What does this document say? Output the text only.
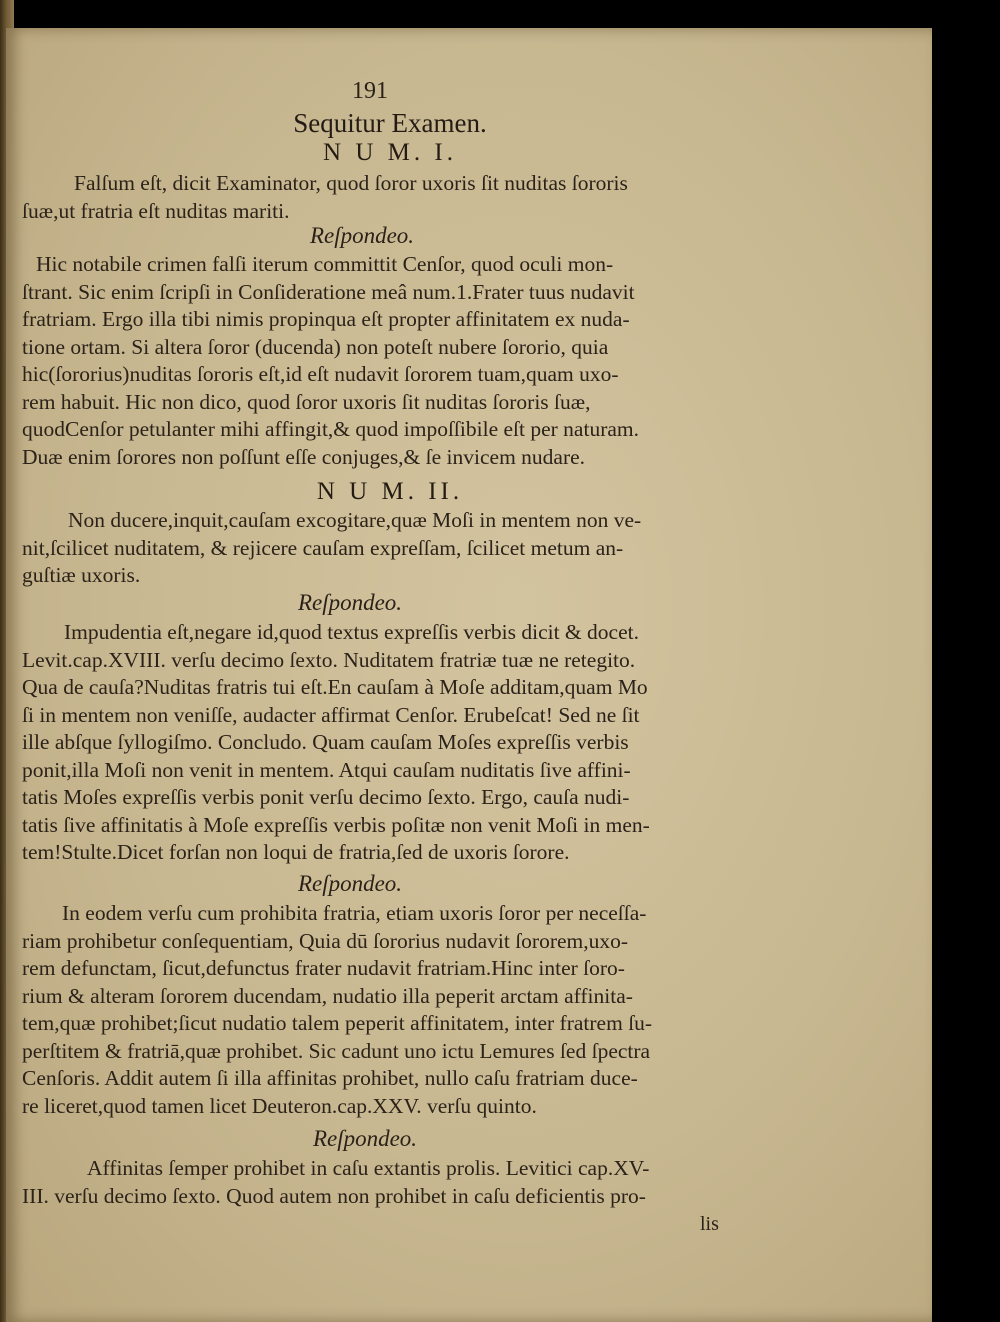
191
Sequitur Examen.
N U M. I.
Falſum eſt, dicit Examinator, quod ſoror uxoris ſit nuditas ſororis
ſuæ,ut fratria eſt nuditas mariti.
Reſpondeo.
Hic notabile crimen falſi iterum committit Cenſor, quod oculi mon-
ſtrant. Sic enim ſcripſi in Conſideratione meâ num.1.Frater tuus nudavit
fratriam. Ergo illa tibi nimis propinqua eſt propter affinitatem ex nuda-
tione ortam. Si altera ſoror (ducenda) non poteſt nubere ſororio, quia
hic(ſororius)nuditas ſororis eſt,id eſt nudavit ſororem tuam,quam uxo-
rem habuit. Hic non dico, quod ſoror uxoris ſit nuditas ſororis ſuæ,
quodCenſor petulanter mihi affingit,& quod impoſſibile eſt per naturam.
Duæ enim ſorores non poſſunt eſſe conjuges,& ſe invicem nudare.
N U M. II.
Non ducere,inquit,cauſam excogitare,quæ Moſi in mentem non ve-
nit,ſcilicet nuditatem, & rejicere cauſam expreſſam, ſcilicet metum an-
guſtiæ uxoris.
Reſpondeo.
Impudentia eſt,negare id,quod textus expreſſis verbis dicit & docet.
Levit.cap.XVIII. verſu decimo ſexto. Nuditatem fratriæ tuæ ne retegito.
Qua de cauſa?Nuditas fratris tui eſt.En cauſam à Moſe additam,quam Mo
ſi in mentem non veniſſe, audacter affirmat Cenſor. Erubeſcat! Sed ne ſit
ille abſque ſyllogiſmo. Concludo. Quam cauſam Moſes expreſſis verbis
ponit,illa Moſi non venit in mentem. Atqui cauſam nuditatis ſive affini-
tatis Moſes expreſſis verbis ponit verſu decimo ſexto. Ergo, cauſa nudi-
tatis ſive affinitatis à Moſe expreſſis verbis poſitæ non venit Moſi in men-
tem!Stulte.Dicet forſan non loqui de fratria,ſed de uxoris ſorore.
Reſpondeo.
In eodem verſu cum prohibita fratria, etiam uxoris ſoror per neceſſa-
riam prohibetur conſequentiam, Quia dū ſororius nudavit ſororem,uxo-
rem defunctam, ſicut,defunctus frater nudavit fratriam.Hinc inter ſoro-
rium & alteram ſororem ducendam, nudatio illa peperit arctam affinita-
tem,quæ prohibet;ſicut nudatio talem peperit affinitatem, inter fratrem ſu-
perſtitem & fratriā,quæ prohibet. Sic cadunt uno ictu Lemures ſed ſpectra
Cenſoris. Addit autem ſi illa affinitas prohibet, nullo caſu fratriam duce-
re liceret,quod tamen licet Deuteron.cap.XXV. verſu quinto.
Reſpondeo.
Affinitas ſemper prohibet in caſu extantis prolis. Levitici cap.XV-
III. verſu decimo ſexto. Quod autem non prohibet in caſu deficientis pro-
lis
